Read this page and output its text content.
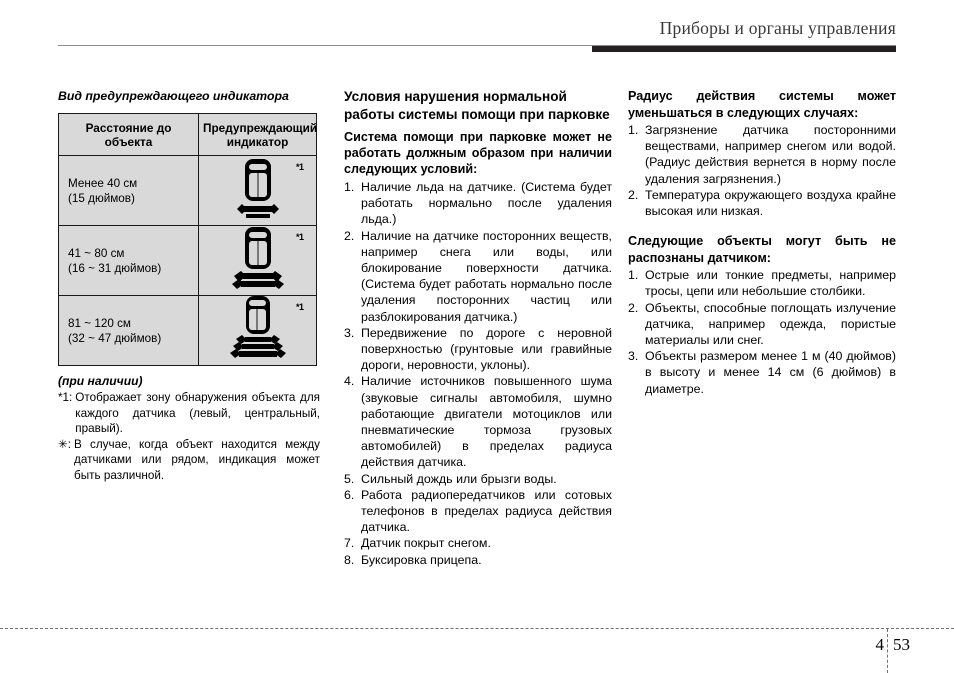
Приборы и органы управления
Вид предупреждающего индикатора
Расстояние до объекта	Предупреждающий индикатор

Менее 40 см
(15 дюймов)	*1

41 ~ 80 см
(16 ~ 31 дюймов)	*1

81 ~ 120 см
(32 ~ 47 дюймов)	*1
(при наличии)
*1: Отображает зону обнаружения объекта для каждого датчика (левый, центральный, правый).
✳: В случае, когда объект находится между датчиками или рядом, индикация может быть различной.
Условия нарушения нормальной работы системы помощи при парковке
Система помощи при парковке может не работать должным образом при наличии следующих условий:
1. Наличие льда на датчике. (Система будет работать нормально после удаления льда.)
2. Наличие на датчике посторонних веществ, например снега или воды, или блокирование поверхности датчика. (Система будет работать нормально после удаления посторонних частиц или разблокирования датчика.)
3. Передвижение по дороге с неровной поверхностью (грунтовые или гравийные дороги, неровности, уклоны).
4. Наличие источников повышенного шума (звуковые сигналы автомобиля, шумно работающие двигатели мотоциклов или пневматические тормоза грузовых автомобилей) в пределах радиуса действия датчика.
5. Сильный дождь или брызги воды.
6. Работа радиопередатчиков или сотовых телефонов в пределах радиуса действия датчика.
7. Датчик покрыт снегом.
8. Буксировка прицепа.
Радиус действия системы может уменьшаться в следующих случаях:
1. Загрязнение датчика посторонними веществами, например снегом или водой. (Радиус действия вернется в норму после удаления загрязнения.)
2. Температура окружающего воздуха крайне высокая или низкая.
Следующие объекты могут быть не распознаны датчиком:
1. Острые или тонкие предметы, например тросы, цепи или небольшие столбики.
2. Объекты, способные поглощать излучение датчика, например одежда, пористые материалы или снег.
3. Объекты размером менее 1 м (40 дюймов) в высоту и менее 14 см (6 дюймов) в диаметре.
4 53
